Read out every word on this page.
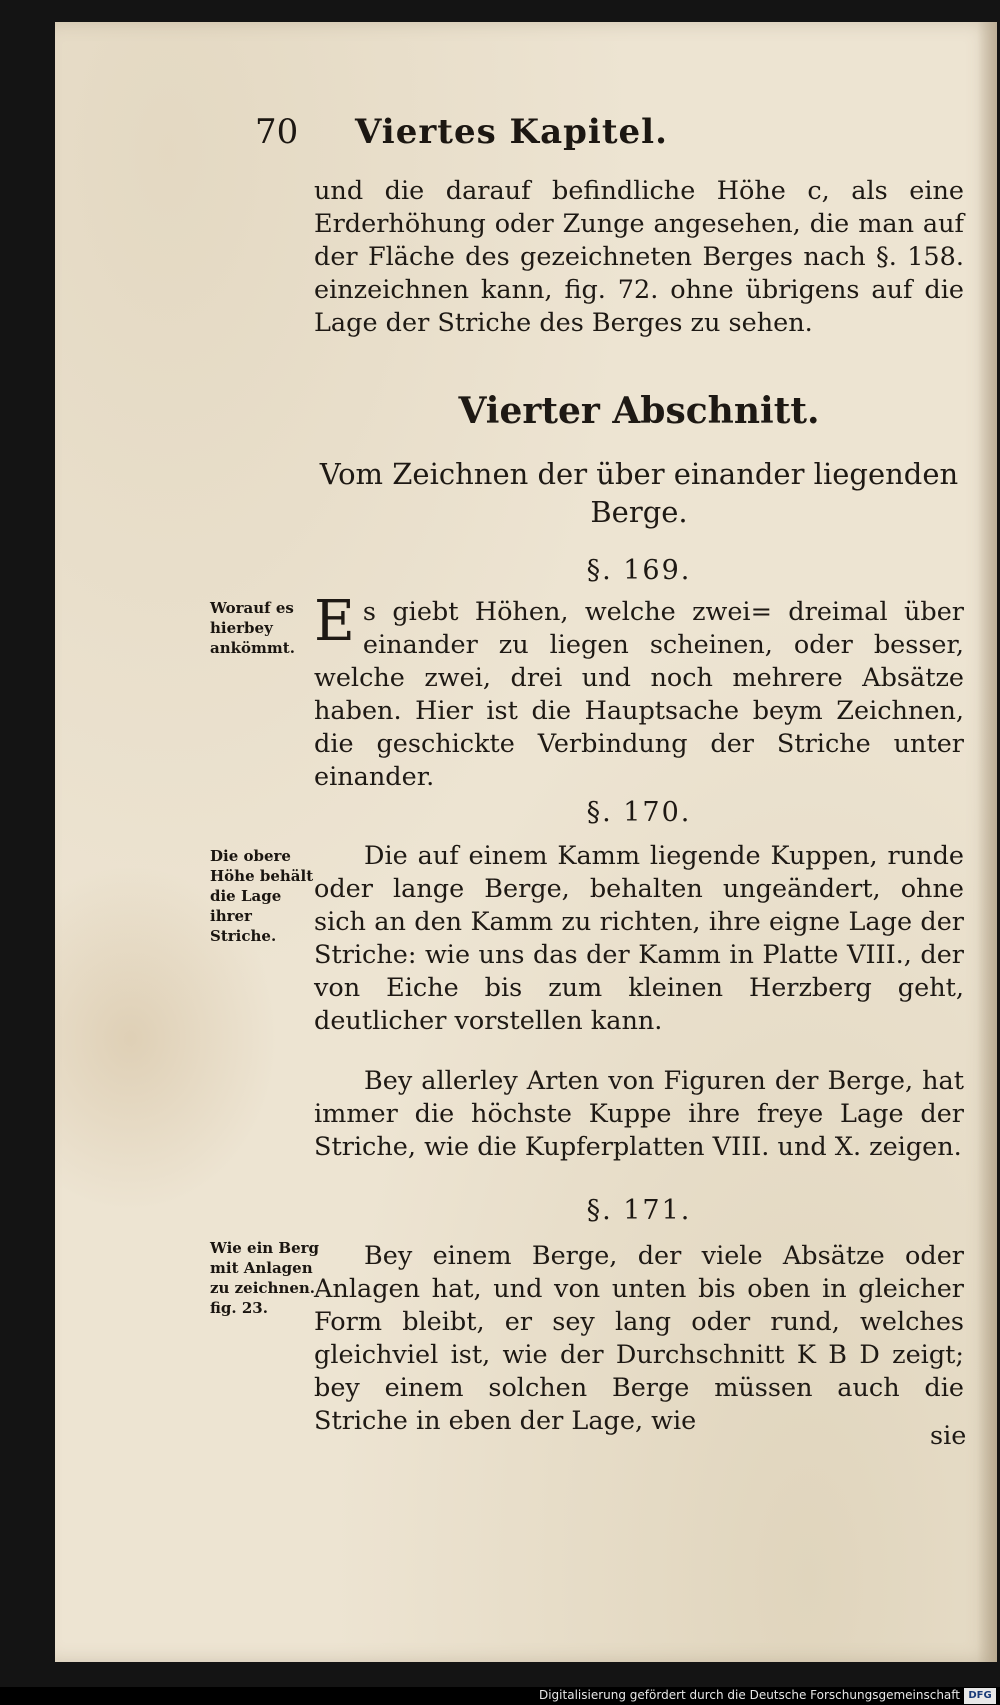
70 Viertes Kapitel.
und die darauf befindliche Höhe c, als eine Erderhöhung oder Zunge angesehen, die man auf der Fläche des gezeichneten Berges nach §. 158. einzeichnen kann, fig. 72. ohne übrigens auf die Lage der Striche des Berges zu sehen.
Vierter Abschnitt.
Vom Zeichnen der über einander liegenden Berge.
§. 169.
Worauf es hierbey ankömmt. Es giebt Höhen, welche zwei= dreimal über einander zu liegen scheinen, oder besser, welche zwei, drei und noch mehrere Absätze haben. Hier ist die Hauptsache beym Zeichnen, die geschickte Verbindung der Striche unter einander.
§. 170.
Die obere Höhe behält die Lage ihrer Striche.
Die auf einem Kamm liegende Kuppen, runde oder lange Berge, behalten ungeändert, ohne sich an den Kamm zu richten, ihre eigne Lage der Striche: wie uns das der Kamm in Platte VIII., der von Eiche bis zum kleinen Herzberg geht, deutlicher vorstellen kann.
Bey allerley Arten von Figuren der Berge, hat immer die höchste Kuppe ihre freye Lage der Striche, wie die Kupferplatten VIII. und X. zeigen.
§. 171.
Wie ein Berg mit Anlagen zu zeichnen. fig. 23.
Bey einem Berge, der viele Absätze oder Anlagen hat, und von unten bis oben in gleicher Form bleibt, er sey lang oder rund, welches gleichviel ist, wie der Durchschnitt K B D zeigt; bey einem solchen Berge müssen auch die Striche in eben der Lage, wie	sie
Digitalisierung gefördert durch die Deutsche Forschungsgemeinschaft DFG
